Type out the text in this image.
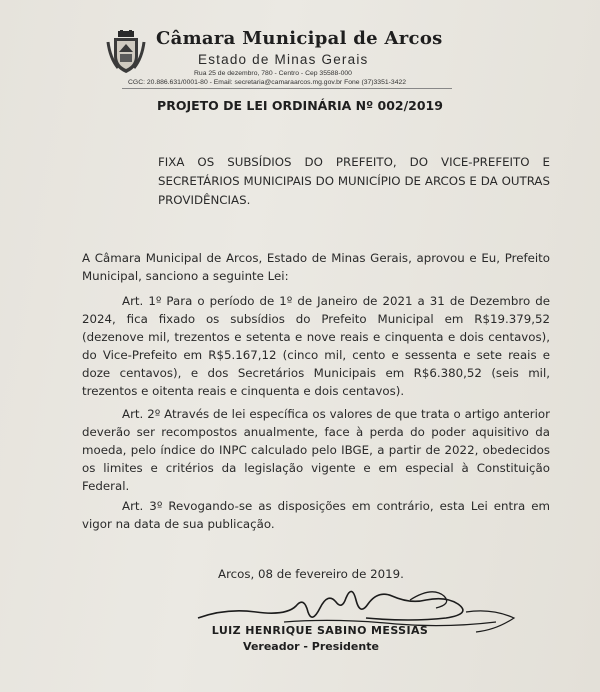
Câmara Municipal de Arcos
Estado de Minas Gerais
Rua 25 de dezembro, 780 - Centro - Cep 35588-000
CGC: 20.886.631/0001-80 - Email: secretaria@camaraarcos.mg.gov.br Fone (37)3351-3422
PROJETO DE LEI ORDINÁRIA Nº 002/2019
FIXA OS SUBSÍDIOS DO PREFEITO, DO VICE-PREFEITO E SECRETÁRIOS MUNICIPAIS DO MUNICÍPIO DE ARCOS E DA OUTRAS PROVIDÊNCIAS.
A Câmara Municipal de Arcos, Estado de Minas Gerais, aprovou e Eu, Prefeito Municipal, sanciono a seguinte Lei:
Art. 1º Para o período de 1º de Janeiro de 2021 a 31 de Dezembro de 2024, fica fixado os subsídios do Prefeito Municipal em R$19.379,52 (dezenove mil, trezentos e setenta e nove reais e cinquenta e dois centavos), do Vice-Prefeito em R$5.167,12 (cinco mil, cento e sessenta e sete reais e doze centavos), e dos Secretários Municipais em R$6.380,52 (seis mil, trezentos e oitenta reais e cinquenta e dois centavos).
Art. 2º Através de lei específica os valores de que trata o artigo anterior deverão ser recompostos anualmente, face à perda do poder aquisitivo da moeda, pelo índice do INPC calculado pelo IBGE, a partir de 2022, obedecidos os limites e critérios da legislação vigente e em especial à Constituição Federal.
Art. 3º Revogando-se as disposições em contrário, esta Lei entra em vigor na data de sua publicação.
Arcos, 08 de fevereiro de 2019.
LUIZ HENRIQUE SABINO MESSIAS
Vereador - Presidente
